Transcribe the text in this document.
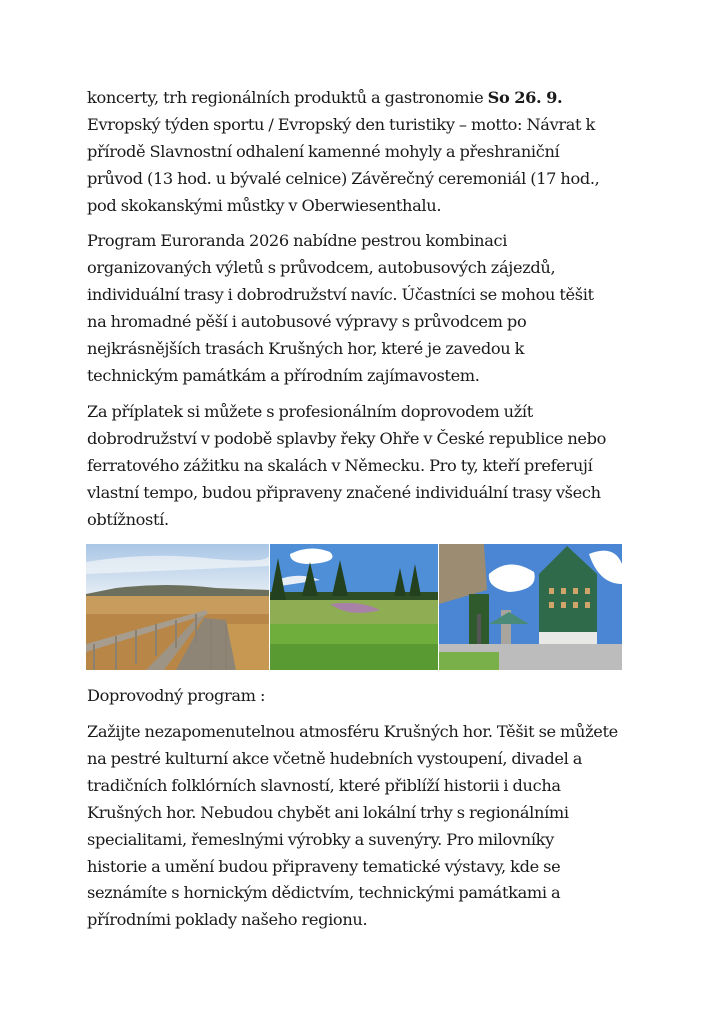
koncerty, trh regionálních produktů a gastronomie So 26. 9.
Evropský týden sportu / Evropský den turistiky – motto: Návrat k
přírodě Slavnostní odhalení kamenné mohyly a přeshraniční
průvod (13 hod. u bývalé celnice) Závěrečný ceremoniál (17 hod.,
pod skokanskými můstky v Oberwiesenthalu.
Program Euroranda 2026 nabídne pestrou kombinaci
organizovaných výletů s průvodcem, autobusových zájezdů,
individuální trasy i dobrodružství navíc. Účastníci se mohou těšit
na hromadné pěší i autobusové výpravy s průvodcem po
nejkrásnějších trasách Krušných hor, které je zavedou k
technickým památkám a přírodním zajímavostem.
Za příplatek si můžete s profesionálním doprovodem užít
dobrodružství v podobě splavby řeky Ohře v České republice nebo
ferratového zážitku na skalách v Německu. Pro ty, kteří preferují
vlastní tempo, budou připraveny značené individuální trasy všech
obtížností.
Doprovodný program :
Zažijte nezapomenutelnou atmosféru Krušných hor. Těšit se můžete
na pestré kulturní akce včetně hudebních vystoupení, divadel a
tradičních folklórních slavností, které přiblíží historii i ducha
Krušných hor. Nebudou chybět ani lokální trhy s regionálními
specialitami, řemeslnými výrobky a suvenýry. Pro milovníky
historie a umění budou připraveny tematické výstavy, kde se
seznámíte s hornickým dědictvím, technickými památkami a
přírodními poklady našeho regionu.
